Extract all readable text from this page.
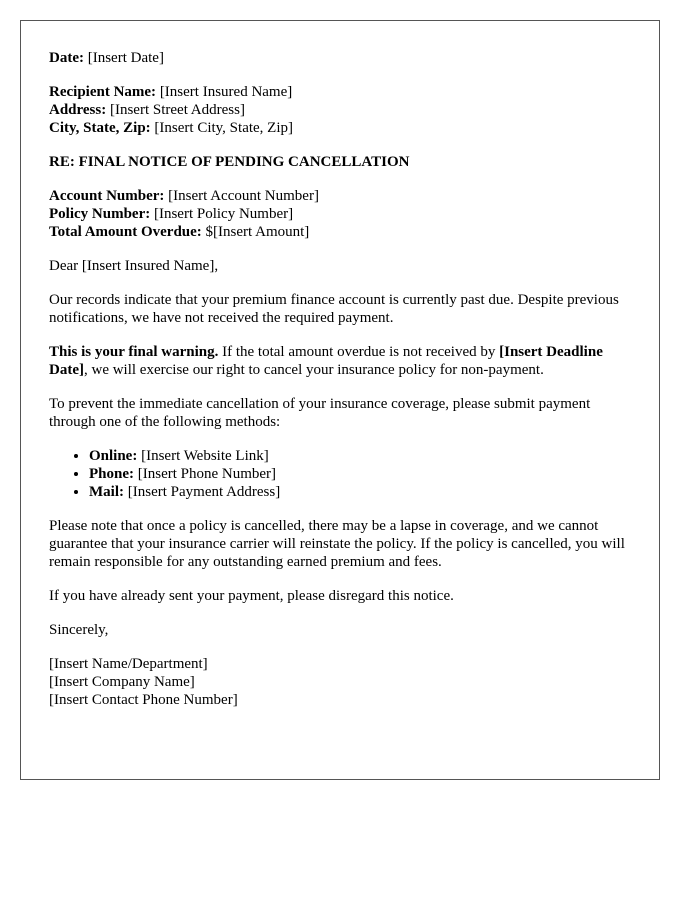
Date: [Insert Date]
Recipient Name: [Insert Insured Name]
Address: [Insert Street Address]
City, State, Zip: [Insert City, State, Zip]
RE: FINAL NOTICE OF PENDING CANCELLATION
Account Number: [Insert Account Number]
Policy Number: [Insert Policy Number]
Total Amount Overdue: $[Insert Amount]

Dear [Insert Insured Name],

Our records indicate that your premium finance account is currently past due. Despite previous notifications, we have not received the required payment.

This is your final warning. If the total amount overdue is not received by [Insert Deadline Date], we will exercise our right to cancel your insurance policy for non-payment.

To prevent the immediate cancellation of your insurance coverage, please submit payment through one of the following methods:

• Online: [Insert Website Link]
• Phone: [Insert Phone Number]
• Mail: [Insert Payment Address]

Please note that once a policy is cancelled, there may be a lapse in coverage, and we cannot guarantee that your insurance carrier will reinstate the policy. If the policy is cancelled, you will remain responsible for any outstanding earned premium and fees.

If you have already sent your payment, please disregard this notice.

Sincerely,

[Insert Name/Department]
[Insert Company Name]
[Insert Contact Phone Number]
